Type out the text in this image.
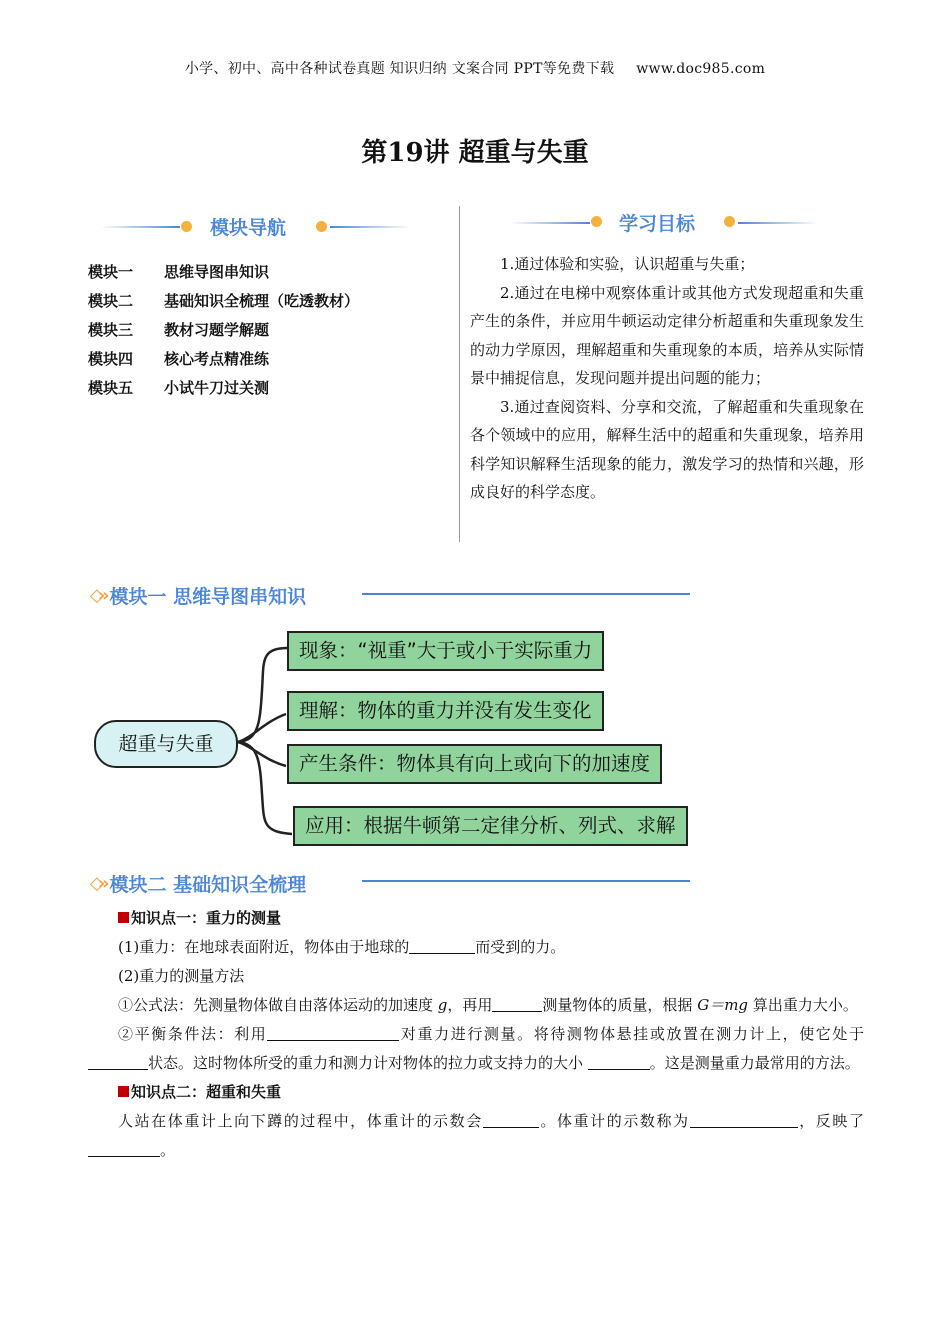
小学、初中、高中各种试卷真题 知识归纳 文案合同 PPT等免费下载 www.doc985.com
第19讲 超重与失重
模块导航
模块一 思维导图串知识
模块二 基础知识全梳理（吃透教材）
模块三 教材习题学解题
模块四 核心考点精准练
模块五 小试牛刀过关测
学习目标

1.通过体验和实验，认识超重与失重；

2.通过在电梯中观察体重计或其他方式发现超重和失重产生的条件，并应用牛顿运动定律分析超重和失重现象发生的动力学原因，理解超重和失重现象的本质，培养从实际情景中捕捉信息，发现问题并提出问题的能力；

3.通过查阅资料、分享和交流，了解超重和失重现象在各个领域中的应用，解释生活中的超重和失重现象，培养用科学知识解释生活现象的能力，激发学习的热情和兴趣，形成良好的科学态度。

◇» 模块一 思维导图串知识
超重与失重
现象：“视重”大于或小于实际重力
理解：物体的重力并没有发生变化
产生条件：物体具有向上或向下的加速度
应用：根据牛顿第二定律分析、列式、求解
◇» 模块二 基础知识全梳理

知识点一：重力的测量

(1)重力：在地球表面附近，物体由于地球的	而受到的力。

(2)重力的测量方法

①公式法：先测量物体做自由落体运动的加速度 g，再用	测量物体的质量，根据 G＝mg 算出重力大小。

②平衡条件法：利用	对重力进行测量。将待测物体悬挂或放置在测力计上，使它处于状态。这时物体所受的重力和测力计对物体的拉力或支持力的大小	。这是测量重力最常用的方法。

知识点二：超重和失重

人站在体重计上向下蹲的过程中，体重计的示数会	。体重计的示数称为	，反映了。
